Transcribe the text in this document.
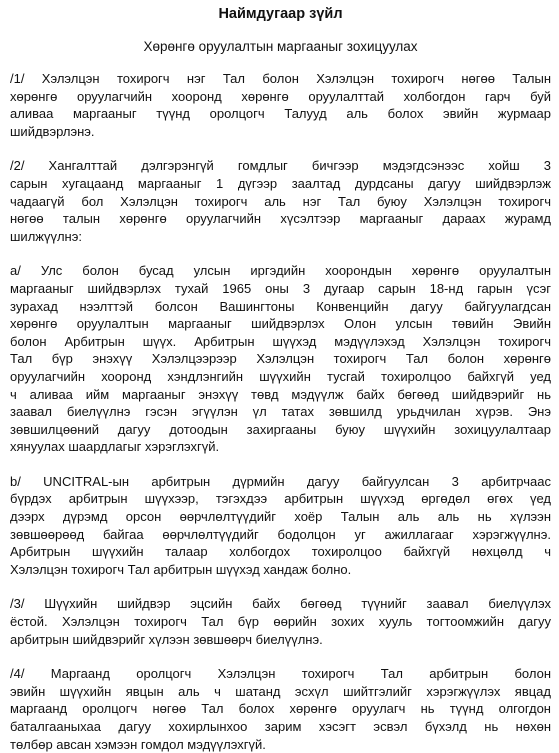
Наймдугаар зүйл
Хөрөнгө оруулалтын маргааныг зохицуулах
/1/ Хэлэлцэн тохирогч нэг Тал болон Хэлэлцэн тохирогч нөгөө Талын
хөрөнгө оруулагчийн хооронд хөрөнгө оруулалттай холбогдон гарч буй
аливаа маргааныг түүнд оролцогч Талууд аль болох эвийн журмаар
шийдвэрлэнэ.
/2/ Хангалттай дэлгэрэнгүй гомдлыг бичгээр мэдэгдсэнээс хойш 3
сарын хугацаанд маргааныг 1 дүгээр заалтад дурдсаны дагуу шийдвэрлэж
чадаагүй бол Хэлэлцэн тохирогч аль нэг Тал буюу Хэлэлцэн тохирогч
нөгөө талын хөрөнгө оруулагчийн хүсэлтээр маргааныг дараах журамд
шилжүүлнэ:
а/ Улс болон бусад улсын иргэдийн хоорондын хөрөнгө оруулалтын
маргааныг шийдвэрлэх тухай 1965 оны 3 дугаар сарын 18-нд гарын үсэг
зурахад нээлттэй болсон Вашингтоны Конвенцийн дагуу байгуулагдсан
хөрөнгө оруулалтын маргааныг шийдвэрлэх Олон улсын төвийн Эвийн
болон Арбитрын шүүх. Арбитрын шүүхэд мэдүүлэхэд Хэлэлцэн тохирогч
Тал бүр энэхүү Хэлэлцээрээр Хэлэлцэн тохирогч Тал болон хөрөнгө
оруулагчийн хооронд хэндлэнгийн шүүхийн тусгай тохиролцоо байхгүй уед
ч аливаа ийм маргааныг энэхүү төвд мэдүүлж байх бөгөөд шийдвэрийг нь
заавал биелүүлнэ гэсэн эгүүлэн үл татах зөвшилд урьдчилан хүрэв. Энэ
зөвшилцөөний дагуу дотоодын захиргааны буюу шүүхийн зохицуулалтаар
хянуулах шаардлагыг хэрэглэхгүй.
b/ UNCITRAL-ын арбитрын дүрмийн дагуу байгуулсан 3 арбитрчаас
бүрдэх арбитрын шүүхээр, тэгэхдээ арбитрын шүүхэд өргөдөл өгөх үед
дээрх дүрэмд орсон өөрчлөлтүүдийг хоёр Талын аль аль нь хүлээн
зөвшөөрөөд байгаа өөрчлөлтүүдийг бодолцон уг ажиллагааг хэрэгжүүлнэ.
Арбитрын шүүхийн талаар холбогдох тохиролцоо байхгүй нөхцөлд ч
Хэлэлцэн тохирогч Тал арбитрын шүүхэд хандаж болно.
/3/ Шүүхийн шийдвэр эцсийн байх бөгөөд түүнийг заавал биелүүлэх
ёстой. Хэлэлцэн тохирогч Тал бүр өөрийн зохих хууль тогтоомжийн дагуу
арбитрын шийдвэрийг хүлээн зөвшөөрч биелүүлнэ.
/4/ Маргаанд оролцогч Хэлэлцэн тохирогч Тал арбитрын болон
эвийн шүүхийн явцын аль ч шатанд эсхүл шийтгэлийг хэрэгжүүлэх явцад
маргаанд оролцогч нөгөө Тал болох хөрөнгө оруулагч нь түүнд олгогдон
баталгааныхаа дагуу хохирлынхоо зарим хэсэгт эсвэл бүхэлд нь нөхөн
төлбөр авсан хэмээн гомдол мэдүүлэхгүй.
